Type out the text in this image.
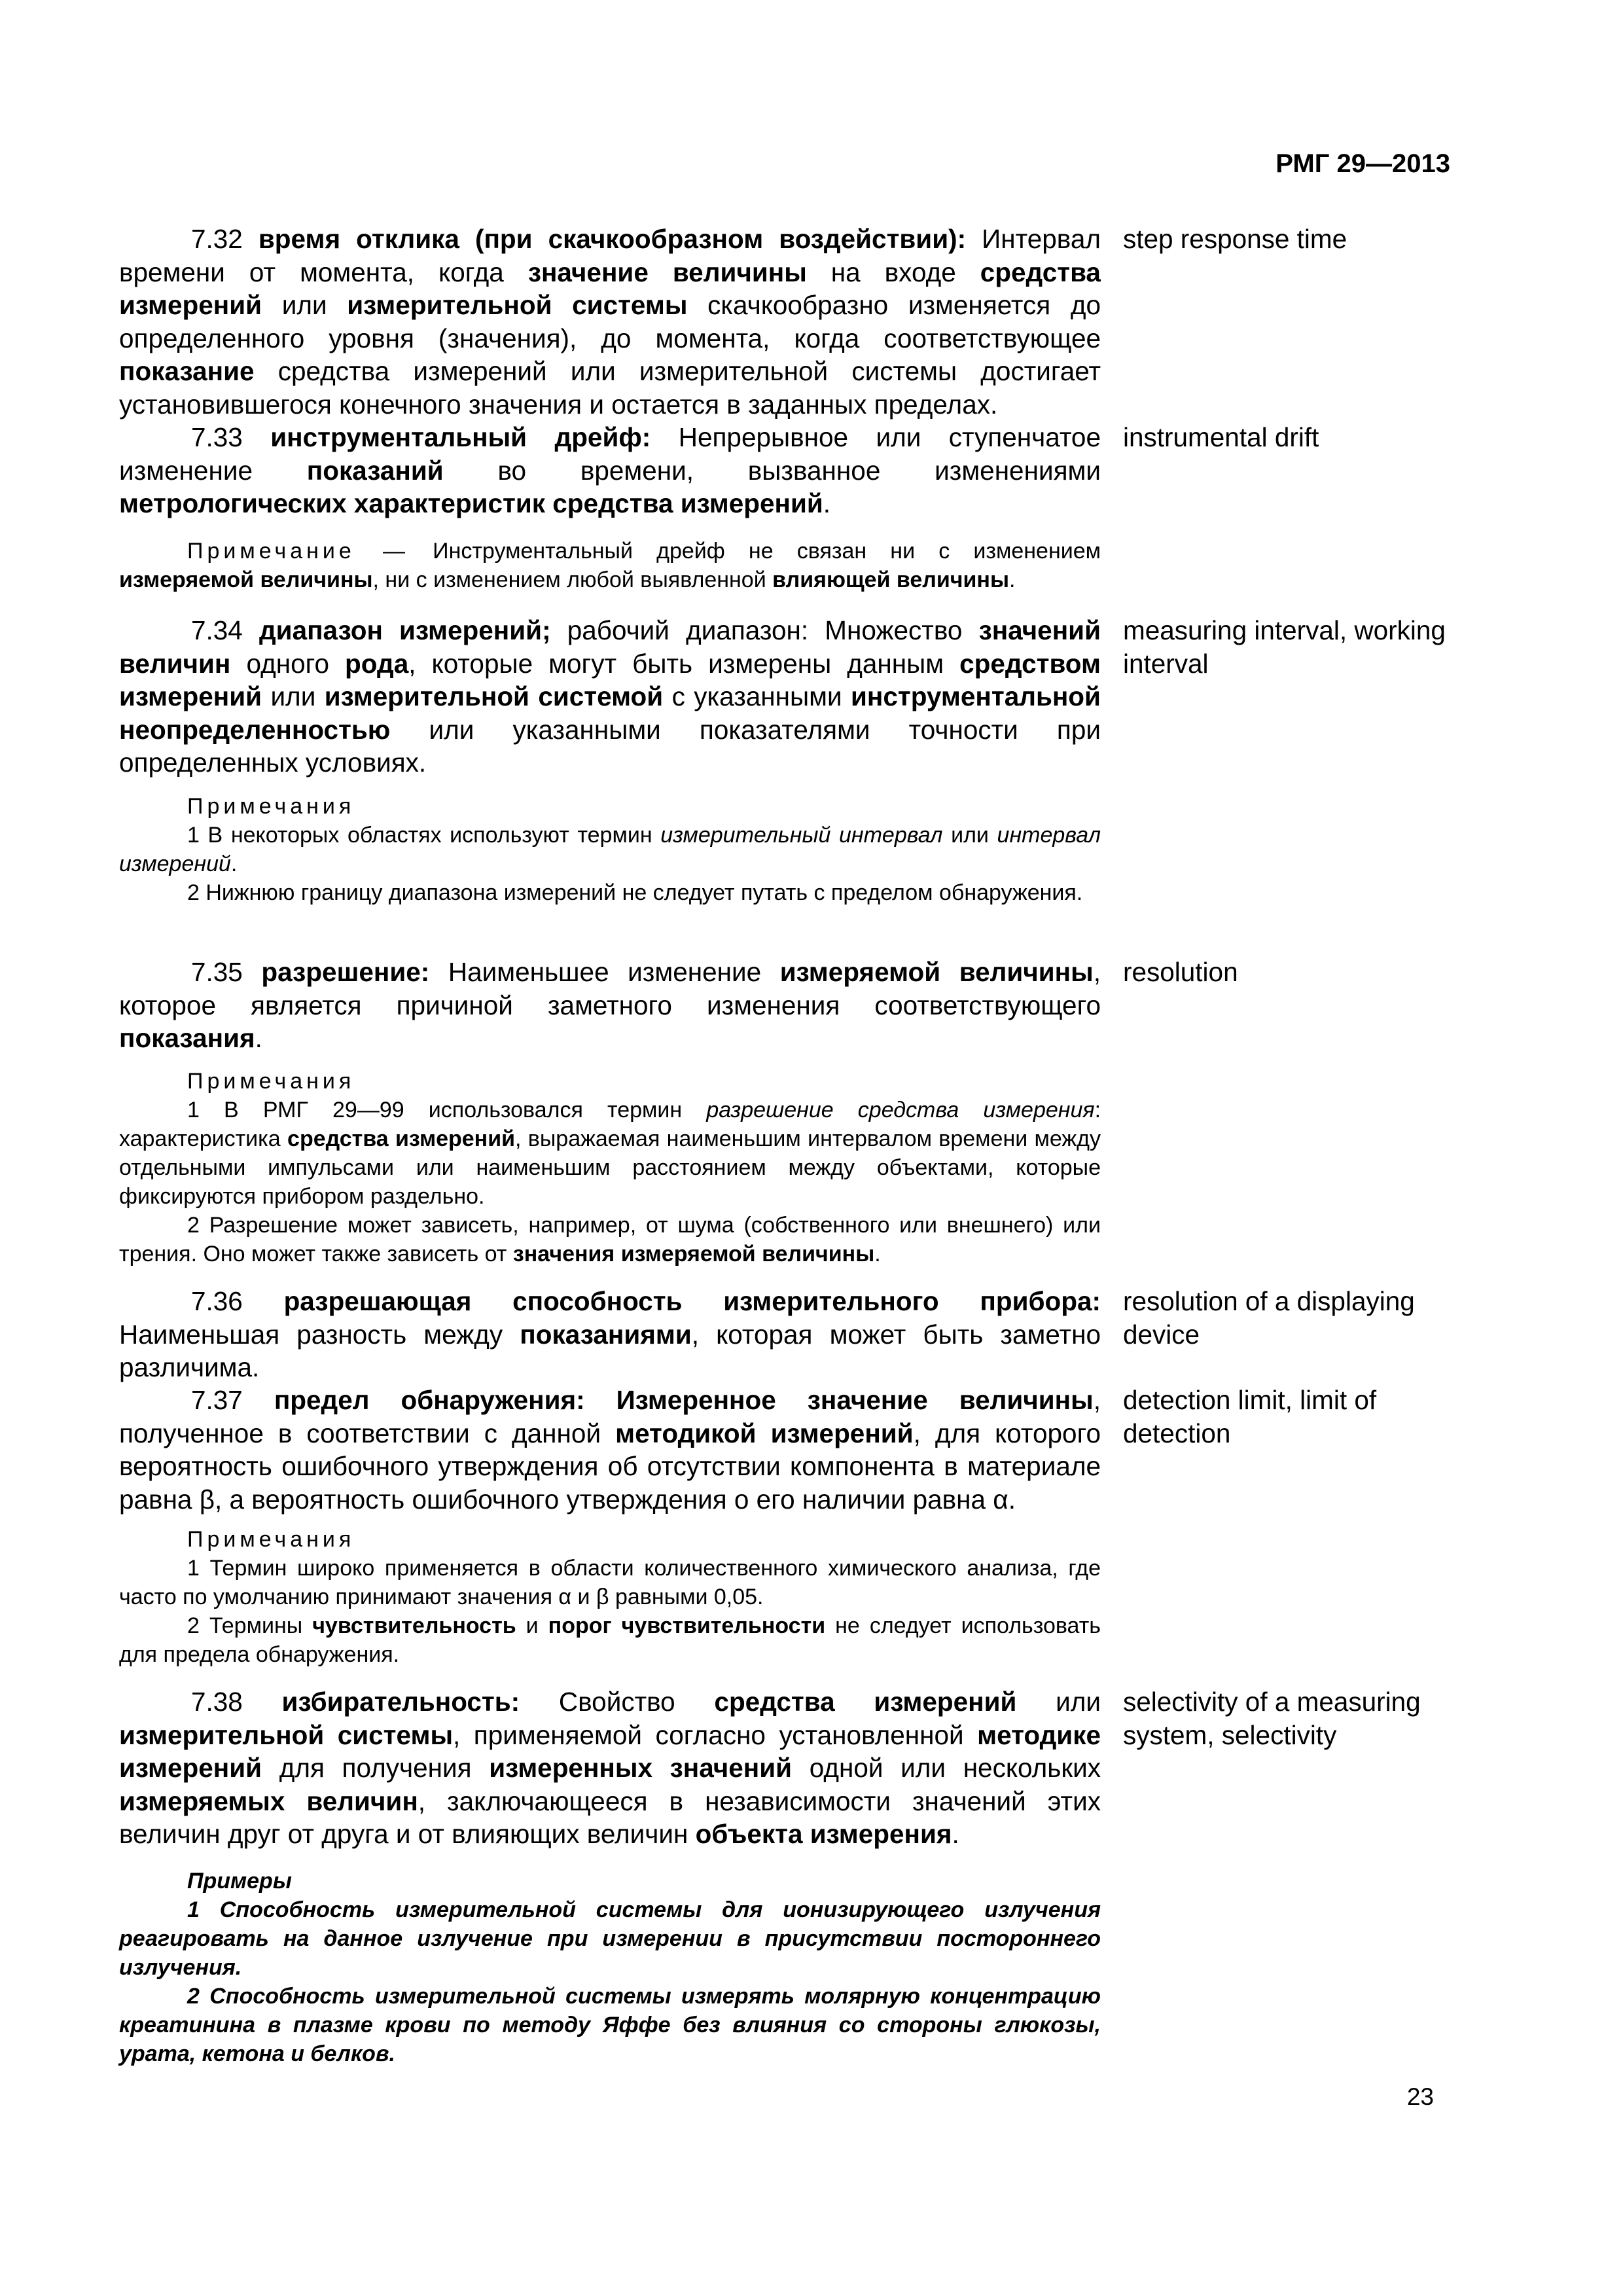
РМГ 29—2013

7.32 время отклика (при скачкообразном воздействии): Интервал времени от момента, когда значение величины на входе средства измерений или измерительной системы скачкообразно изменяется до определенного уровня (значения), до момента, когда соответствующее показание средства измерений или измерительной системы достигает установившегося конечного значения и остается в заданных пределах.

step response time

7.33 инструментальный дрейф: Непрерывное или ступенчатое изменение показаний во времени, вызванное изменениями метрологических характеристик средства измерений.

instrumental drift

Примечание — Инструментальный дрейф не связан ни с изменением измеряемой величины, ни с изменением любой выявленной влияющей величины.

7.34 диапазон измерений; рабочий диапазон: Множество значений величин одного рода, которые могут быть измерены данным средством измерений или измерительной системой с указанными инструментальной неопределенностью или указанными показателями точности при определенных условиях.

measuring interval, working interval
Примечания

1 В некоторых областях используют термин измерительный интервал или интервал измерений.

2 Нижнюю границу диапазона измерений не следует путать с пределом обнаружения.

7.35 разрешение: Наименьшее изменение измеряемой величины, которое является причиной заметного изменения соответствующего показания.

resolution
Примечания

1 В РМГ 29—99 использовался термин разрешение средства измерения: характеристика средства измерений, выражаемая наименьшим интервалом времени между отдельными импульсами или наименьшим расстоянием между объектами, которые фиксируются прибором раздельно.

2 Разрешение может зависеть, например, от шума (собственного или внешнего) или трения. Оно может также зависеть от значения измеряемой величины.

7.36 разрешающая способность измерительного прибора: Наименьшая разность между показаниями, которая может быть заметно различима.

resolution of a displaying device

7.37 предел обнаружения: Измеренное значение величины, полученное в соответствии с данной методикой измерений, для которого вероятность ошибочного утверждения об отсутствии компонента в материале равна β, а вероятность ошибочного утверждения о его наличии равна α.

detection limit, limit of detection
Примечания

1 Термин широко применяется в области количественного химического анализа, где часто по умолчанию принимают значения α и β равными 0,05.

2 Термины чувствительность и порог чувствительности не следует использовать для предела обнаружения.

7.38 избирательность: Свойство средства измерений или измерительной системы, применяемой согласно установленной методике измерений для получения измеренных значений одной или нескольких измеряемых величин, заключающееся в независимости значений этих величин друг от друга и от влияющих величин объекта измерения.

selectivity of a measuring system, selectivity
Примеры

1 Способность измерительной системы для ионизирующего излучения реагировать на данное излучение при измерении в присутствии постороннего излучения.

2 Способность измерительной системы измерять молярную концентрацию креатинина в плазме крови по методу Яффе без влияния со стороны глюкозы, урата, кетона и белков.

23
